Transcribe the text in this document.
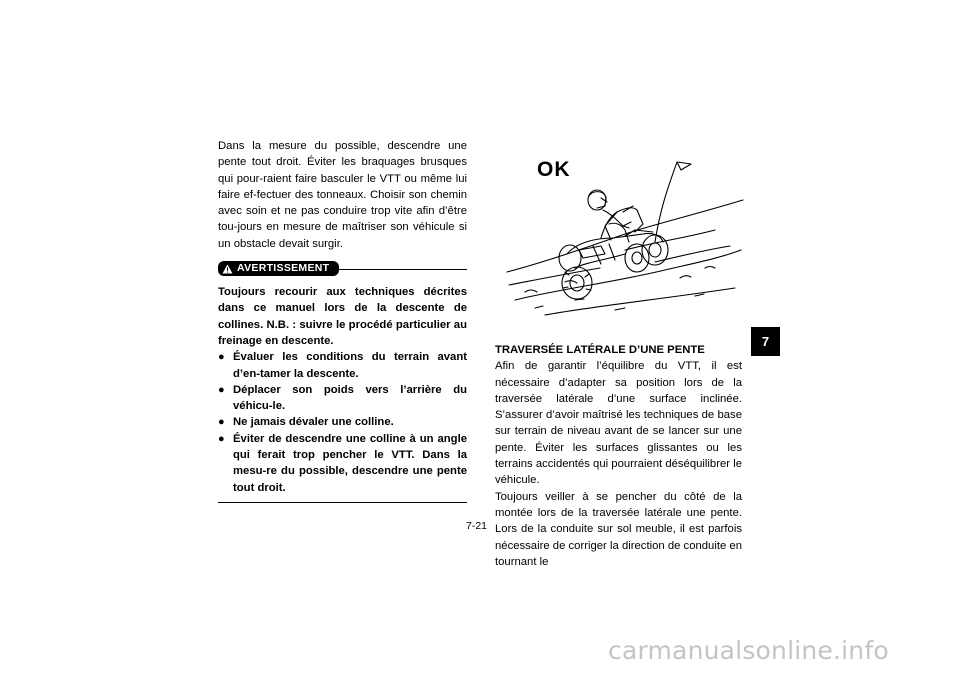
Dans la mesure du possible, descendre une pente tout droit. Éviter les braquages brusques qui pour-raient faire basculer le VTT ou même lui faire ef-fectuer des tonneaux. Choisir son chemin avec soin et ne pas conduire trop vite afin d’être tou-jours en mesure de maîtriser son véhicule si un obstacle devait surgir.

AVERTISSEMENT

Toujours recourir aux techniques décrites dans ce manuel lors de la descente de collines. N.B. : suivre le procédé particulier au freinage en descente.

● Évaluer les conditions du terrain avant d’en-tamer la descente.
● Déplacer son poids vers l’arrière du véhicu-le.
● Ne jamais dévaler une colline.
● Éviter de descendre une colline à un angle qui ferait trop pencher le VTT. Dans la mesu-re du possible, descendre une pente tout droit.
OK

TRAVERSÉE LATÉRALE D’UNE PENTE

Afin de garantir l’équilibre du VTT, il est nécessaire d’adapter sa position lors de la traversée latérale d’une surface inclinée. S’assurer d’avoir maîtrisé les techniques de base sur terrain de niveau avant de se lancer sur une pente. Éviter les surfaces glissantes ou les terrains accidentés qui pourraient déséquilibrer le véhicule.

Toujours veiller à se pencher du côté de la montée lors de la traversée latérale une pente. Lors de la conduite sur sol meuble, il est parfois nécessaire de corriger la direction de conduite en tournant le

7
7-21
carmanualsonline.info
